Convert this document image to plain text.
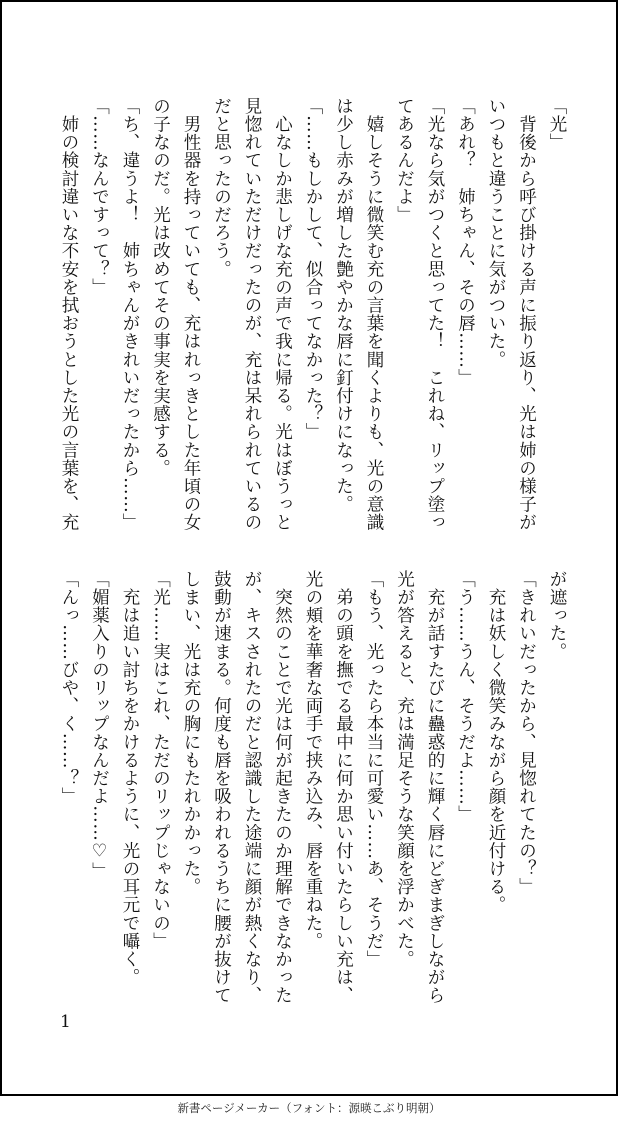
「光」

　背後から呼び掛ける声に振り返り、光は姉の様子が

いつもと違うことに気がついた。

「あれ？　姉ちゃん、その唇……」

「光なら気がつくと思ってた！　これね、リップ塗っ

てあるんだよ」

　嬉しそうに微笑む充の言葉を聞くよりも、光の意識

は少し赤みが増した艶やかな唇に釘付けになった。

「……もしかして、似合ってなかった？」

　心なしか悲しげな充の声で我に帰る。光はぼうっと

見惚れていただけだったのが、充は呆れられているの

だと思ったのだろう。

　男性器を持っていても、充はれっきとした年頃の女

の子なのだ。光は改めてその事実を実感する。

「ち、違うよ！　姉ちゃんがきれいだったから……」

「……なんですって？」

　姉の検討違いな不安を拭おうとした光の言葉を、充

が遮った。

「きれいだったから、見惚れてたの？」

　充は妖しく微笑みながら顔を近付ける。

「う……うん、そうだよ……」

　充が話すたびに蠱惑的に輝く唇にどぎまぎしながら

光が答えると、充は満足そうな笑顔を浮かべた。

「もう、光ったら本当に可愛い……あ、そうだ」

　弟の頭を撫でる最中に何か思い付いたらしい充は、

光の頬を華奢な両手で挟み込み、唇を重ねた。

　突然のことで光は何が起きたのか理解できなかった

が、キスされたのだと認識した途端に顔が熱くなり、

鼓動が速まる。何度も唇を吸われるうちに腰が抜けて

しまい、光は充の胸にもたれかかった。

「光……実はこれ、ただのリップじゃないの」

　充は追い討ちをかけるように、光の耳元で囁く。

「媚薬入りのリップなんだよ……♡」

「んっ……びや、く……？」

1
新書ページメーカー（フォント：源暎こぶり明朝）
